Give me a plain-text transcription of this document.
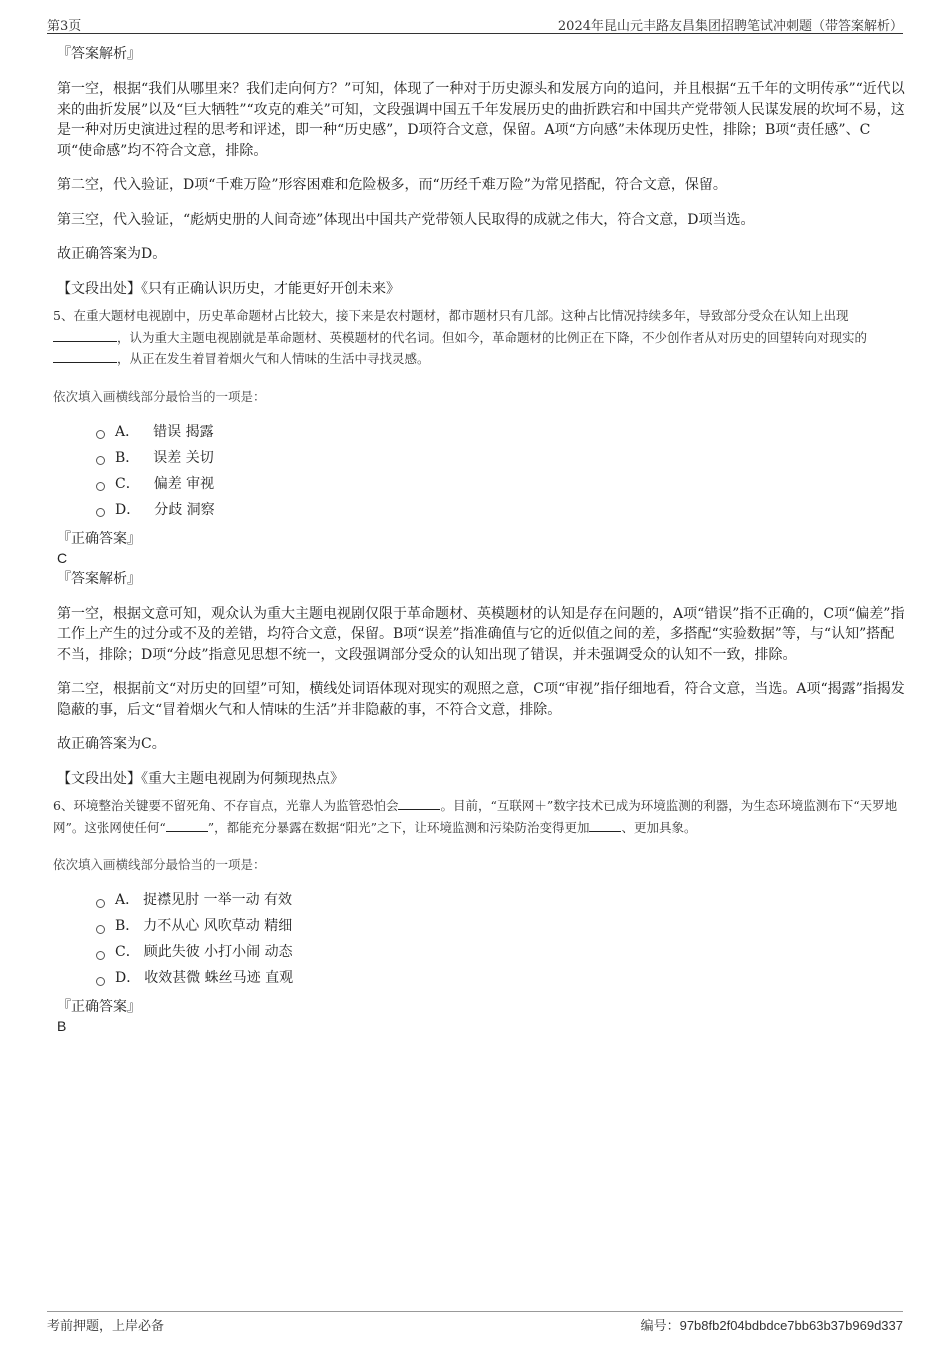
第3页	2024年昆山元丰路友昌集团招聘笔试冲刺题（带答案解析）

『答案解析』

第一空，根据“我们从哪里来？我们走向何方？”可知，体现了一种对于历史源头和发展方向的追问，并且根据“五千年的文明传承”“近代以来的曲折发展”以及“巨大牺牲”“攻克的难关”可知，文段强调中国五千年发展历史的曲折跌宕和中国共产党带领人民谋发展的坎坷不易，这是一种对历史演进过程的思考和评述，即一种“历史感”，D项符合文意，保留。A项“方向感”未体现历史性，排除；B项“责任感”、C项“使命感”均不符合文意，排除。

第二空，代入验证，D项“千难万险”形容困难和危险极多，而“历经千难万险”为常见搭配，符合文意，保留。

第三空，代入验证，“彪炳史册的人间奇迹”体现出中国共产党带领人民取得的成就之伟大，符合文意，D项当选。

故正确答案为D。

【文段出处】《只有正确认识历史，才能更好开创未来》

5、在重大题材电视剧中，历史革命题材占比较大，接下来是农村题材，都市题材只有几部。这种占比情况持续多年，导致部分受众在认知上出现，认为重大主题电视剧就是革命题材、英模题材的代名词。但如今，革命题材的比例正在下降，不少创作者从对历史的回望转向对现实的，从正在发生着冒着烟火气和人情味的生活中寻找灵感。

依次填入画横线部分最恰当的一项是：

A． 错误 揭露
B． 误差 关切
C． 偏差 审视
D． 分歧 洞察

『正确答案』

C

『答案解析』

第一空，根据文意可知，观众认为重大主题电视剧仅限于革命题材、英模题材的认知是存在问题的，A项“错误”指不正确的，C项“偏差”指工作上产生的过分或不及的差错，均符合文意，保留。B项“误差”指准确值与它的近似值之间的差，多搭配“实验数据”等，与“认知”搭配不当，排除；D项“分歧”指意见思想不统一，文段强调部分受众的认知出现了错误，并未强调受众的认知不一致，排除。

第二空，根据前文“对历史的回望”可知，横线处词语体现对现实的观照之意，C项“审视”指仔细地看，符合文意，当选。A项“揭露”指揭发隐蔽的事，后文“冒着烟火气和人情味的生活”并非隐蔽的事，不符合文意，排除。

故正确答案为C。

【文段出处】《重大主题电视剧为何频现热点》

6、环境整治关键要不留死角、不存盲点，光靠人为监管恐怕会	。目前，“互联网＋”数字技术已成为环境监测的利器，为生态环境监测布下“天罗地网”。这张网使任何“	”，都能充分暴露在数据“阳光”之下，让环境监测和污染防治变得更加	、更加具象。

依次填入画横线部分最恰当的一项是：

A． 捉襟见肘 一举一动 有效
B． 力不从心 风吹草动 精细
C． 顾此失彼 小打小闹 动态
D． 收效甚微 蛛丝马迹 直观

『正确答案』

B

考前押题，上岸必备	编号：97b8fb2f04bdbdce7bb63b37b969d337
